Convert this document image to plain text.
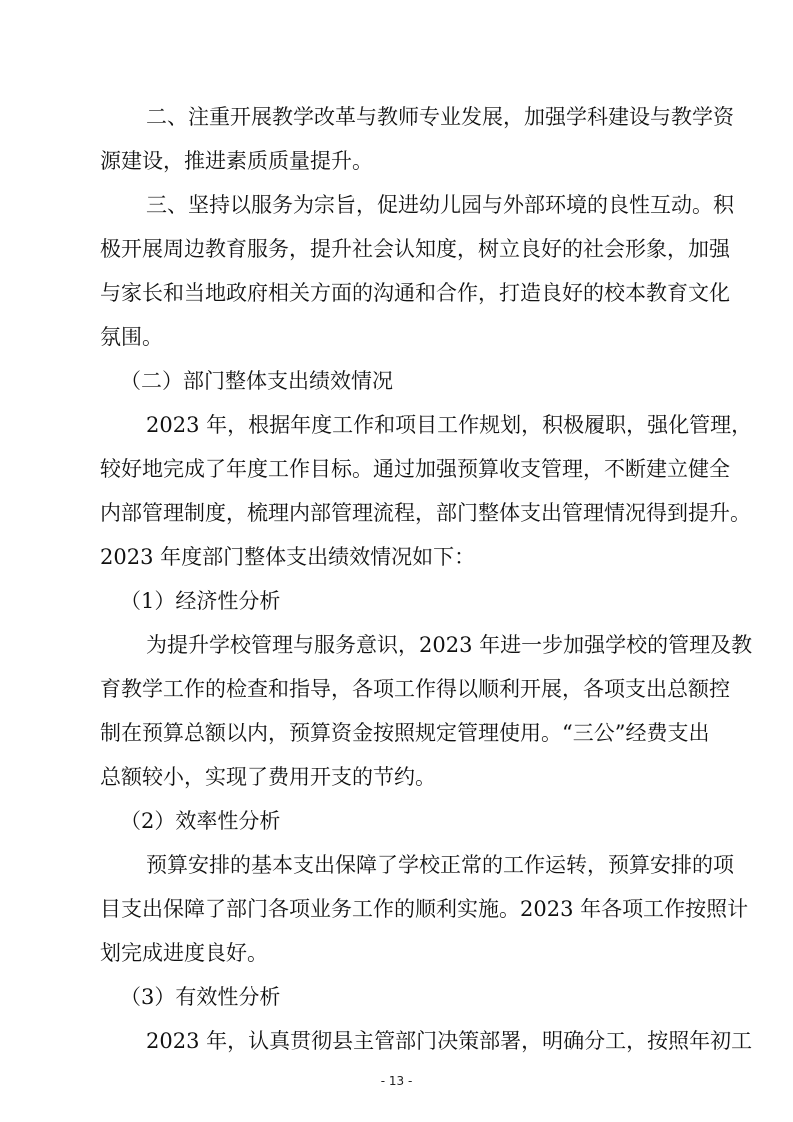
二、注重开展教学改革与教师专业发展，加强学科建设与教学资
源建设，推进素质质量提升。
三、坚持以服务为宗旨，促进幼儿园与外部环境的良性互动。积
极开展周边教育服务，提升社会认知度，树立良好的社会形象，加强
与家长和当地政府相关方面的沟通和合作，打造良好的校本教育文化
氛围。
（二）部门整体支出绩效情况
2023 年，根据年度工作和项目工作规划，积极履职，强化管理，
较好地完成了年度工作目标。通过加强预算收支管理，不断建立健全
内部管理制度，梳理内部管理流程，部门整体支出管理情况得到提升。
2023 年度部门整体支出绩效情况如下：
（1）经济性分析
为提升学校管理与服务意识，2023 年进一步加强学校的管理及教
育教学工作的检查和指导，各项工作得以顺利开展，各项支出总额控
制在预算总额以内，预算资金按照规定管理使用。“三公”经费支出
总额较小，实现了费用开支的节约。
（2）效率性分析
预算安排的基本支出保障了学校正常的工作运转，预算安排的项
目支出保障了部门各项业务工作的顺利实施。2023 年各项工作按照计
划完成进度良好。
（3）有效性分析
2023 年，认真贯彻县主管部门决策部署，明确分工，按照年初工
- 13 -
